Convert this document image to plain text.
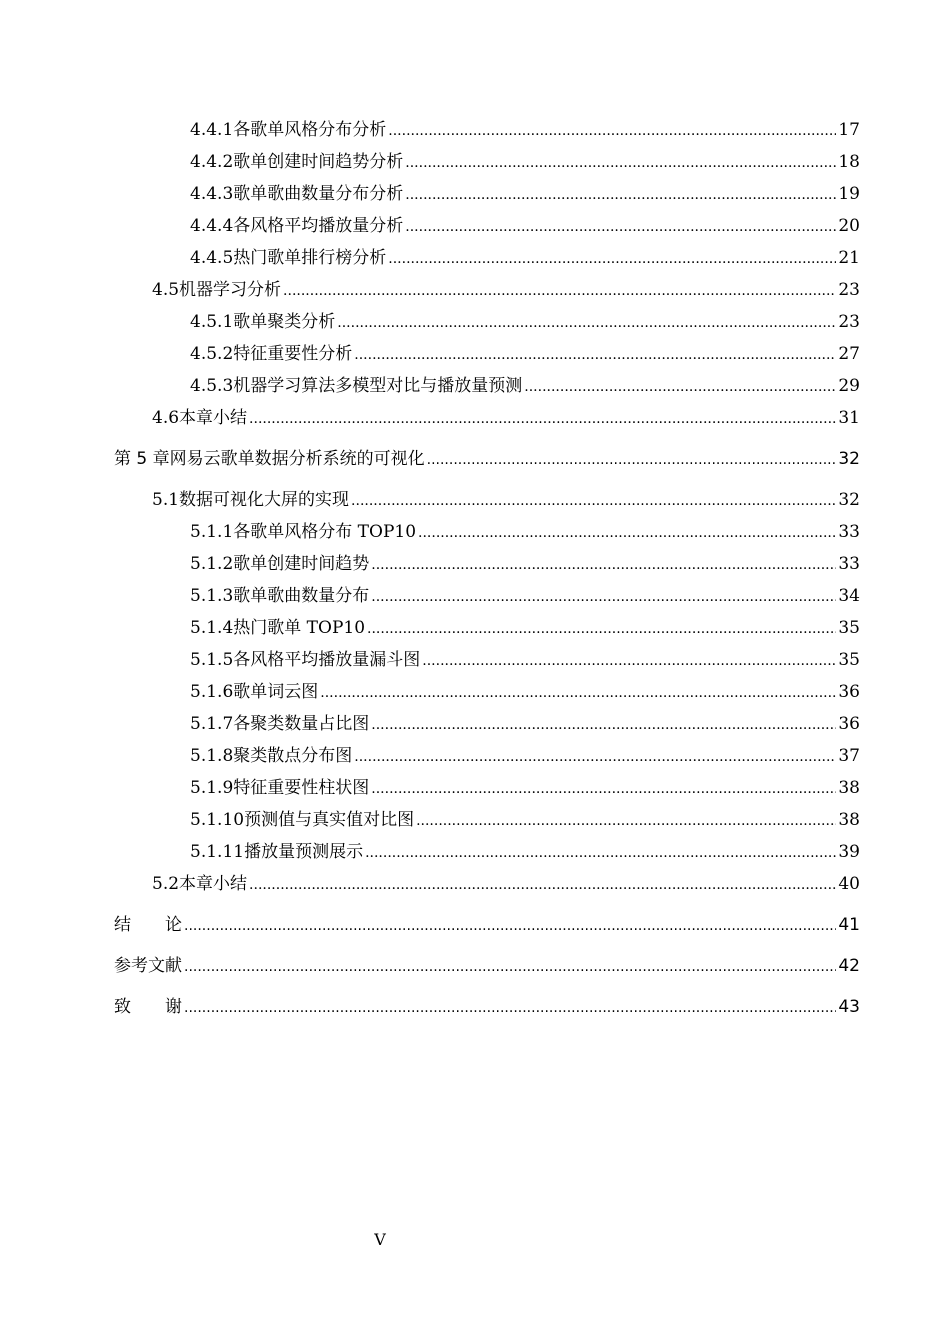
4.4.1 各歌单风格分布分析 .....	17
4.4.2 歌单创建时间趋势分析 .....	18
4.4.3 歌单歌曲数量分布分析 .....	19
4.4.4 各风格平均播放量分析 .....	20
4.4.5 热门歌单排行榜分析 .....	21
4.5 机器学习分析 .....	23
4.5.1 歌单聚类分析 .....	23
4.5.2 特征重要性分析 .....	27
4.5.3 机器学习算法多模型对比与播放量预测 .....	29
4.6 本章小结 .....	31
第 5 章 网易云歌单数据分析系统的可视化 .....	32
5.1 数据可视化大屏的实现 .....	32
5.1.1 各歌单风格分布 TOP10 .....	33
5.1.2 歌单创建时间趋势 .....	33
5.1.3 歌单歌曲数量分布 .....	34
5.1.4 热门歌单 TOP10 .....	35
5.1.5 各风格平均播放量漏斗图 .....	35
5.1.6 歌单词云图 .....	36
5.1.7 各聚类数量占比图 .....	36
5.1.8 聚类散点分布图 .....	37
5.1.9 特征重要性柱状图 .....	38
5.1.10 预测值与真实值对比图 .....	38
5.1.11 播放量预测展示 .....	39
5.2 本章小结 .....	40
结　　论 .....	41
参考文献 .....	42
致　　谢 .....	43
V
